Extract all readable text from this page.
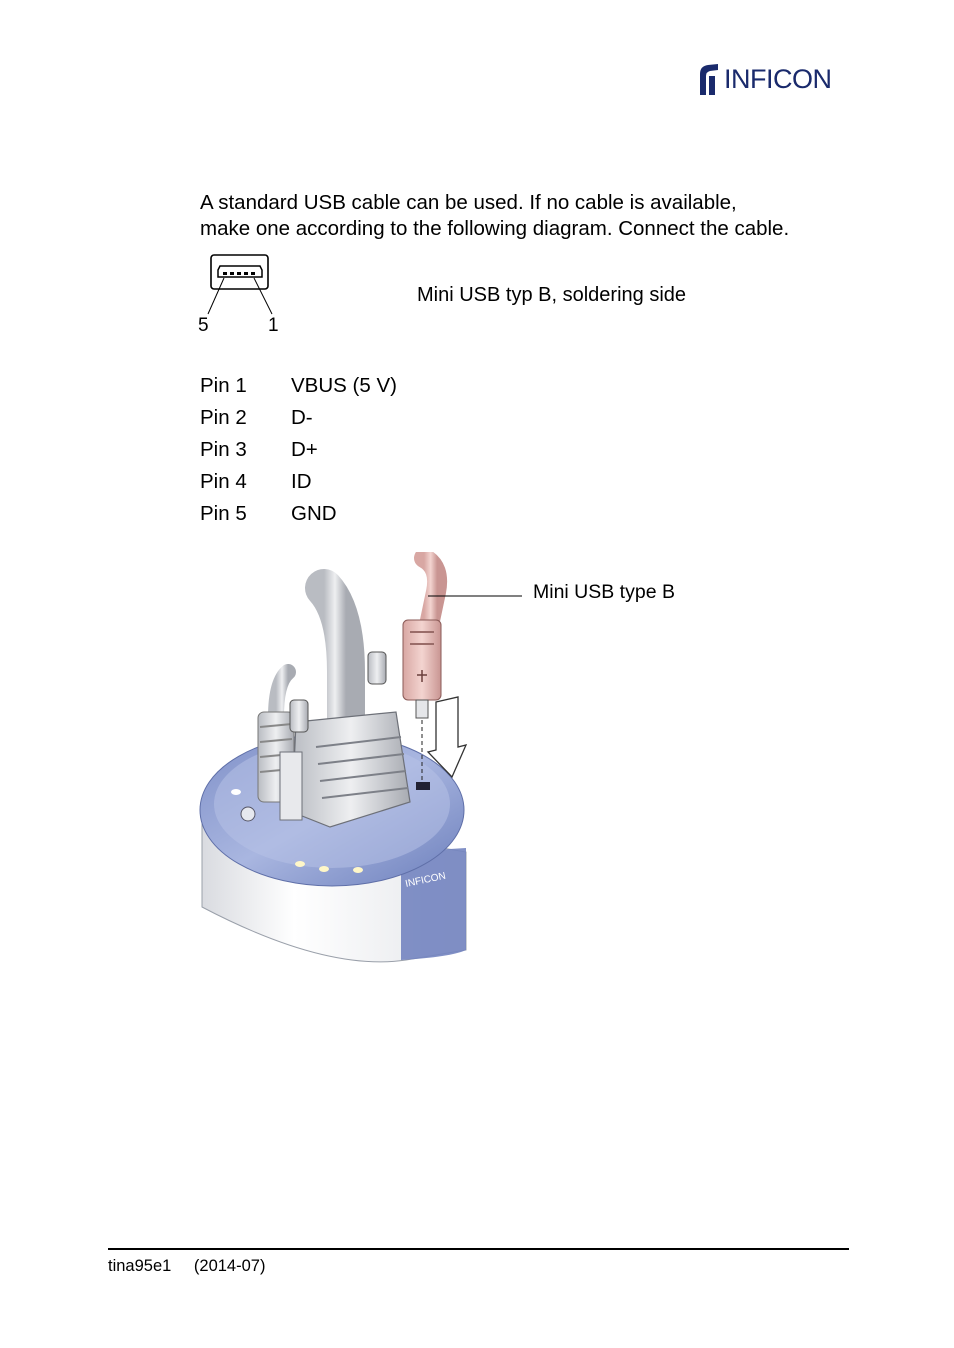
INFICON

A standard USB cable can be used. If no cable is available,

make one according to the following diagram. Connect the cable.

5	1
Mini USB typ B, soldering side
Pin 1	VBUS (5 V)
Pin 2	D-
Pin 3	D+
Pin 4	ID
Pin 5	GND
INFICON
Mini USB type B
tina95e1 (2014-07)
